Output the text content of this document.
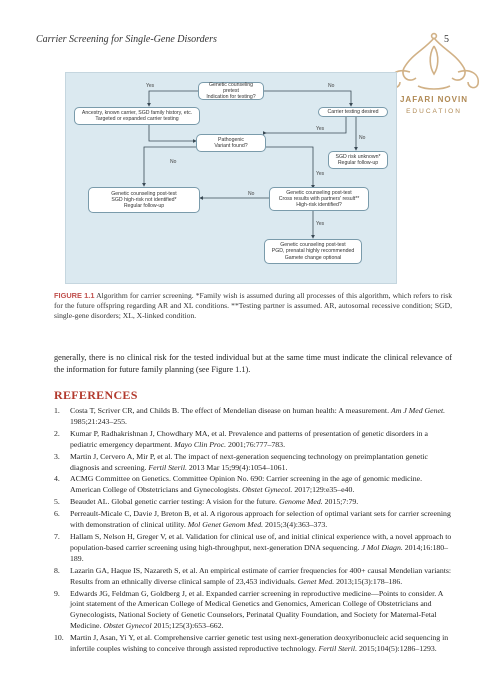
Carrier Screening for Single-Gene Disorders	5
JAFARI NOVIN
EDUCATION
Genetic counseling pretest
Indication for testing?
Ancestry, known carrier, SGD family history, etc.
Targeted or expanded carrier testing
Carrier testing desired
Pathogenic
Variant found?
SGD risk unknown*
Regular follow-up
Genetic counseling post-test
SGD high-risk not identified*
Regular follow-up
Genetic counseling post-test
Cross results with partners' result**
High-risk identified?
Genetic counseling post-test
PGD, prenatal highly recommended
Gamete change optional
Yes	No
Yes
No
No
Yes
No
Yes
FIGURE 1.1 Algorithm for carrier screening. *Family wish is assumed during all processes of this algorithm, which refers to risk for the future offspring regarding AR and XL conditions. **Testing partner is assumed. AR, autosomal recessive condition; SGD, single-gene disorders; XL, X-linked condition.
generally, there is no clinical risk for the tested individual but at the same time must indicate the clinical relevance of the information for future family planning (see Figure 1.1).
REFERENCES
1. Costa T, Scriver CR, and Childs B. The effect of Mendelian disease on human health: A measurement. Am J Med Genet. 1985;21:243–255.
2. Kumar P, Radhakrishnan J, Chowdhary MA, et al. Prevalence and patterns of presentation of genetic disorders in a pediatric emergency department. Mayo Clin Proc. 2001;76:777–783.
3. Martin J, Cervero A, Mir P, et al. The impact of next-generation sequencing technology on preimplantation genetic diagnosis and screening. Fertil Steril. 2013 Mar 15;99(4):1054–1061.
4. ACMG Committee on Genetics. Committee Opinion No. 690: Carrier screening in the age of genomic medicine. American College of Obstetricians and Gynecologists. Obstet Gynecol. 2017;129:e35–e40.
5. Beaudet AL. Global genetic carrier testing: A vision for the future. Genome Med. 2015;7:79.
6. Perreault-Micale C, Davie J, Breton B, et al. A rigorous approach for selection of optimal variant sets for carrier screening with demonstration of clinical utility. Mol Genet Genom Med. 2015;3(4):363–373.
7. Hallam S, Nelson H, Greger V, et al. Validation for clinical use of, and initial clinical experience with, a novel approach to population-based carrier screening using high-throughput, next-generation DNA sequencing. J Mol Diagn. 2014;16:180–189.
8. Lazarin GA, Haque IS, Nazareth S, et al. An empirical estimate of carrier frequencies for 400+ causal Mendelian variants: Results from an ethnically diverse clinical sample of 23,453 individuals. Genet Med. 2013;15(3):178–186.
9. Edwards JG, Feldman G, Goldberg J, et al. Expanded carrier screening in reproductive medicine—Points to consider. A joint statement of the American College of Medical Genetics and Genomics, American College of Obstetricians and Gynecologists, National Society of Genetic Counselors, Perinatal Quality Foundation, and Society for Maternal-Fetal Medicine. Obstet Gynecol 2015;125(3):653–662.
10. Martin J, Asan, Yi Y, et al. Comprehensive carrier genetic test using next-generation deoxyribonucleic acid sequencing in infertile couples wishing to conceive through assisted reproductive technology. Fertil Steril. 2015;104(5):1286–1293.
